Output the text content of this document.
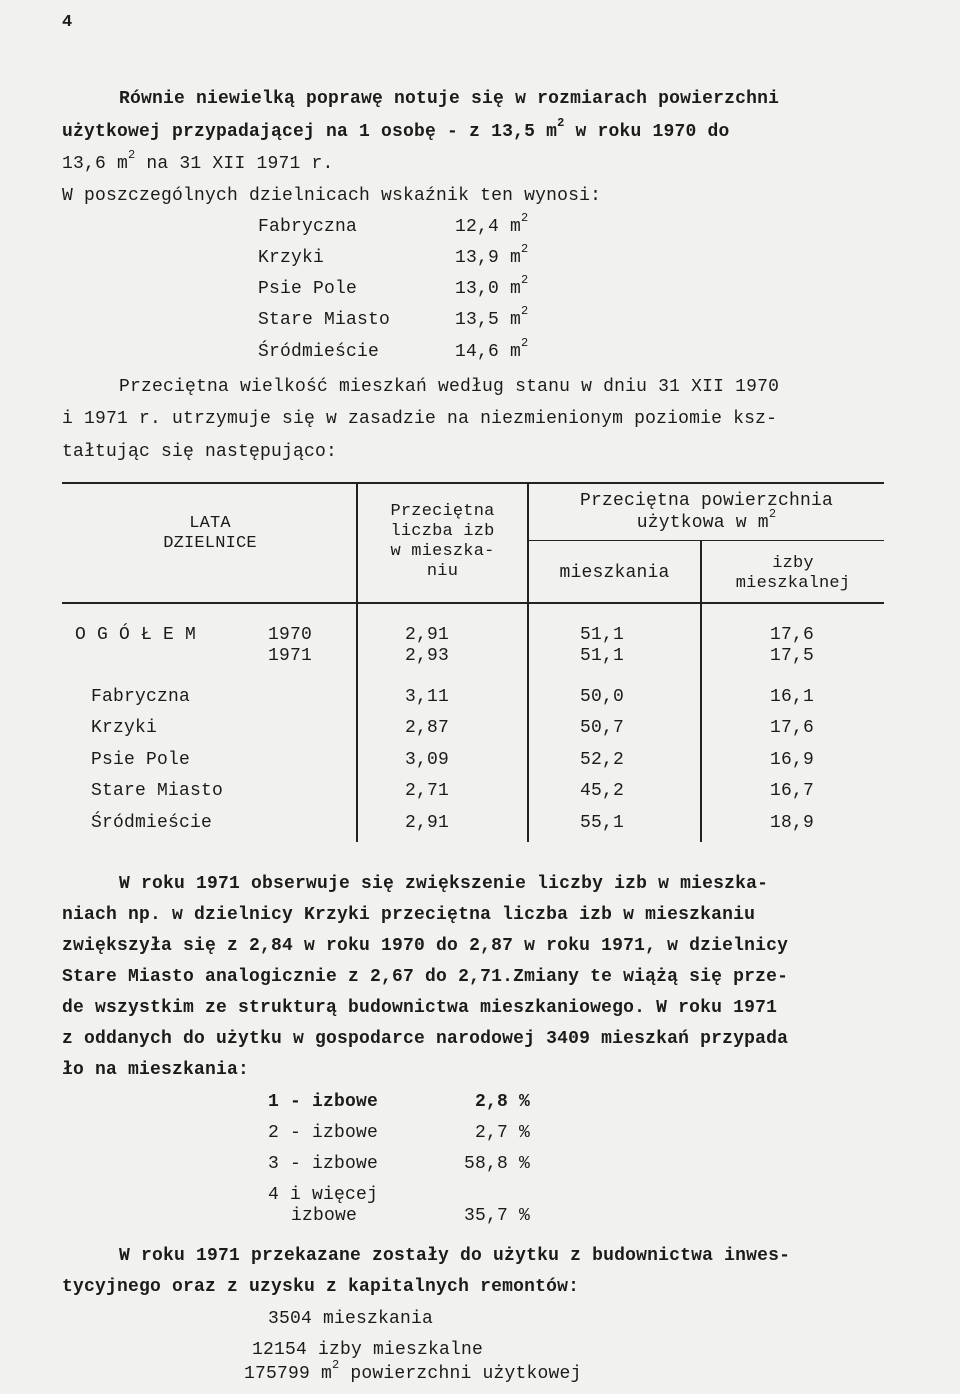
4
Równie niewielką poprawę notuje się w rozmiarach powierzchni
użytkowej przypadającej na 1 osobę - z 13,5 $m^2$ w roku 1970 do
13,6 $m^2$ na 31 XII 1971 r.
W poszczególnych dzielnicach wskaźnik ten wynosi:
Fabryczna	12,4 $m^2$
Krzyki	13,9 $m^2$
Psie Pole	13,0 $m^2$
Stare Miasto	13,5 $m^2$
Śródmieście	14,6 $m^2$
Przeciętna wielkość mieszkań według stanu w dniu 31 XII 1970
i 1971 r. utrzymuje się w zasadzie na niezmienionym poziomie ksz-
tałtując się następująco:
LATA
DZIELNICE
Przeciętna
liczba izb
w mieszka-
niu
Przeciętna powierzchnia
użytkowa w $m^2$
mieszkania	izby
mieszkalnej
O G Ó Ł E M	1970	2,91	51,1	17,6
1971	2,93	51,1	17,5
Fabryczna	3,11	50,0	16,1
Krzyki	2,87	50,7	17,6
Psie Pole	3,09	52,2	16,9
Stare Miasto	2,71	45,2	16,7
Śródmieście	2,91	55,1	18,9
W roku 1971 obserwuje się zwiększenie liczby izb w mieszka-
niach np. w dzielnicy Krzyki przeciętna liczba izb w mieszkaniu
zwiększyła się z 2,84 w roku 1970 do 2,87 w roku 1971, w dzielnicy
Stare Miasto analogicznie z 2,67 do 2,71.Zmiany te wiążą się prze-
de wszystkim ze strukturą budownictwa mieszkaniowego. W roku 1971
z oddanych do użytku w gospodarce narodowej 3409 mieszkań przypada
ło na mieszkania:
1 - izbowe	2,8 %
2 - izbowe	2,7 %
3 - izbowe	58,8 %
4 i więcej
izbowe	35,7 %
W roku 1971 przekazane zostały do użytku z budownictwa inwes-
tycyjnego oraz z uzysku z kapitalnych remontów:
3504 mieszkania
12154 izby mieszkalne
175799 $m^2$ powierzchni użytkowej
